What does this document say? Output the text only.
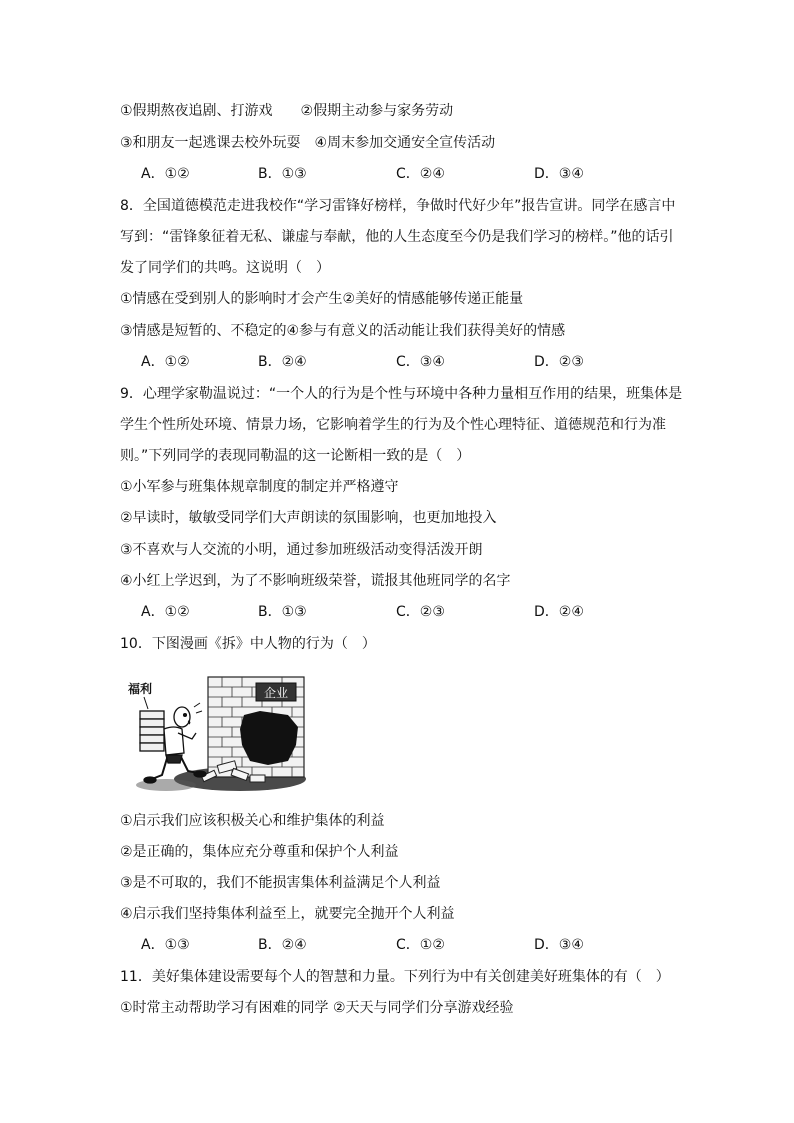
①假期熬夜追剧、打游戏　　②假期主动参与家务劳动
③和朋友一起逃课去校外玩耍　④周末参加交通安全宣传活动
A．①②	B．①③	C．②④	D．③④
8．全国道德模范走进我校作“学习雷锋好榜样，争做时代好少年”报告宣讲。同学在感言中
写到：“雷锋象征着无私、谦虚与奉献，他的人生态度至今仍是我们学习的榜样。”他的话引
发了同学们的共鸣。这说明（　）
①情感在受到别人的影响时才会产生②美好的情感能够传递正能量
③情感是短暂的、不稳定的④参与有意义的活动能让我们获得美好的情感
A．①②	B．②④	C．③④	D．②③
9．心理学家勒温说过：“一个人的行为是个性与环境中各种力量相互作用的结果，班集体是
学生个性所处环境、情景力场，它影响着学生的行为及个性心理特征、道德规范和行为准
则。”下列同学的表现同勒温的这一论断相一致的是（　）
①小军参与班集体规章制度的制定并严格遵守
②早读时，敏敏受同学们大声朗读的氛围影响，也更加地投入
③不喜欢与人交流的小明，通过参加班级活动变得活泼开朗
④小红上学迟到，为了不影响班级荣誉，谎报其他班同学的名字
A．①②	B．①③	C．②③	D．②④
10．下图漫画《拆》中人物的行为（　）
企业
福利
①启示我们应该积极关心和维护集体的利益
②是正确的，集体应充分尊重和保护个人利益
③是不可取的，我们不能损害集体利益满足个人利益
④启示我们坚持集体利益至上，就要完全抛开个人利益
A．①③	B．②④	C．①②	D．③④
11．美好集体建设需要每个人的智慧和力量。下列行为中有关创建美好班集体的有（　）
①时常主动帮助学习有困难的同学 ②天天与同学们分享游戏经验
